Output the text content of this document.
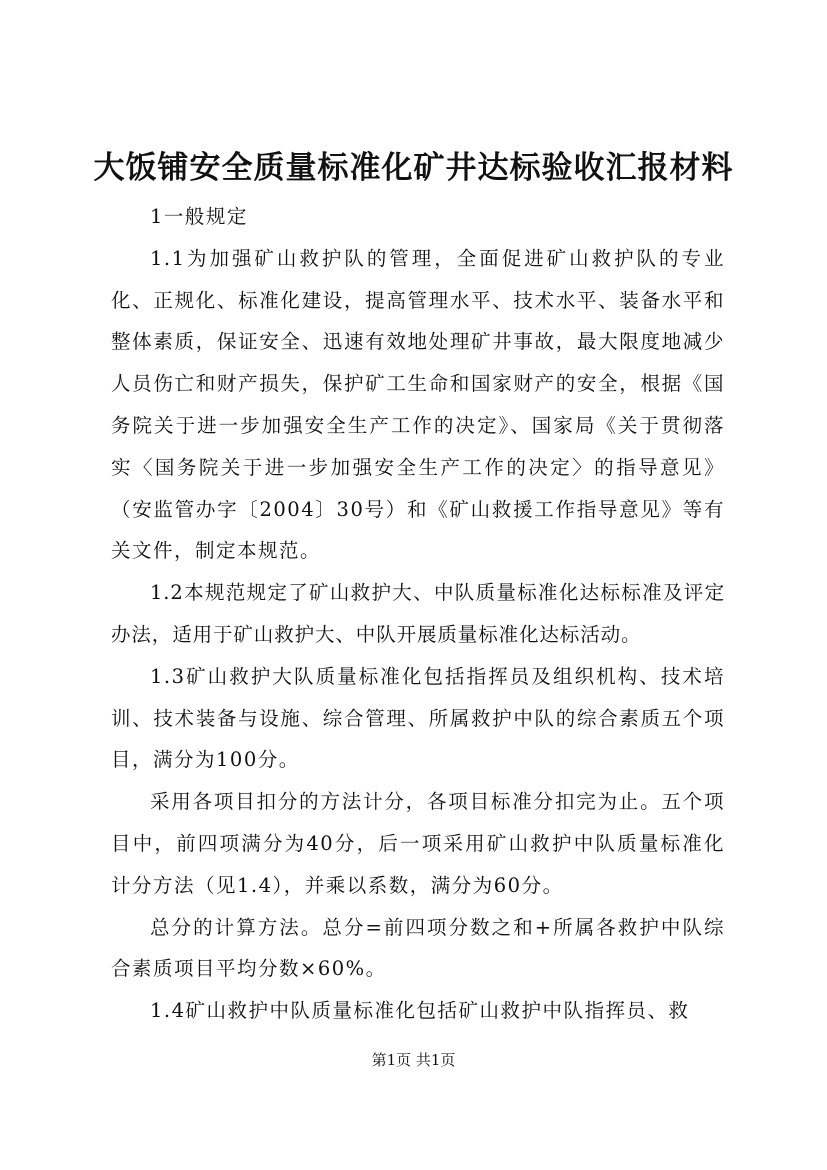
大饭铺安全质量标准化矿井达标验收汇报材料

1一般规定

1.1为加强矿山救护队的管理，全面促进矿山救护队的专业化、正规化、标准化建设，提高管理水平、技术水平、装备水平和整体素质，保证安全、迅速有效地处理矿井事故，最大限度地减少人员伤亡和财产损失，保护矿工生命和国家财产的安全，根据《国务院关于进一步加强安全生产工作的决定》、国家局《关于贯彻落实〈国务院关于进一步加强安全生产工作的决定〉的指导意见》（安监管办字〔2004〕30号）和《矿山救援工作指导意见》等有关文件，制定本规范。

1.2本规范规定了矿山救护大、中队质量标准化达标标准及评定办法，适用于矿山救护大、中队开展质量标准化达标活动。

1.3矿山救护大队质量标准化包括指挥员及组织机构、技术培训、技术装备与设施、综合管理、所属救护中队的综合素质五个项目，满分为100分。

采用各项目扣分的方法计分，各项目标准分扣完为止。五个项目中，前四项满分为40分，后一项采用矿山救护中队质量标准化计分方法（见1.4），并乘以系数，满分为60分。

总分的计算方法。总分=前四项分数之和+所属各救护中队综合素质项目平均分数×60%。

1.4矿山救护中队质量标准化包括矿山救护中队指挥员、救

第1页 共1页
